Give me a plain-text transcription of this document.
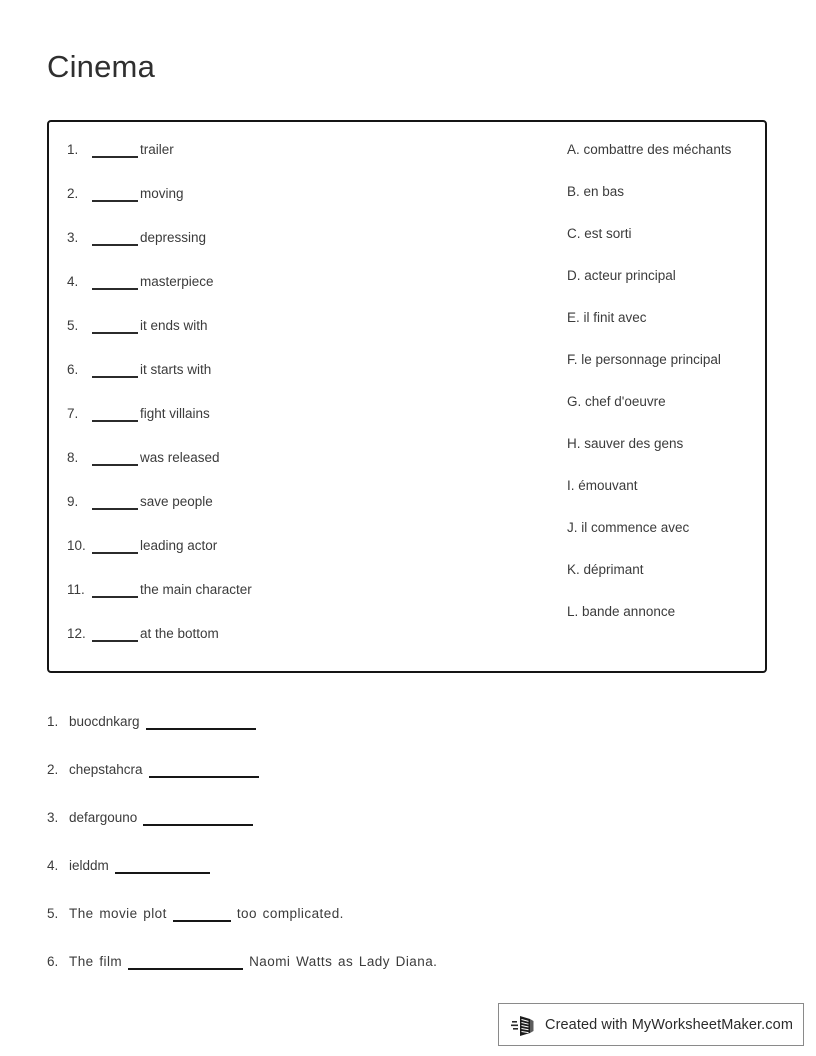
Cinema
1.	trailer
2.	moving
3.	depressing
4.	masterpiece
5.	it ends with
6.	it starts with
7.	fight villains
8.	was released
9.	save people
10.	leading actor
11.	the main character
12.	at the bottom
A. combattre des méchants
B. en bas
C. est sorti
D. acteur principal
E. il finit avec
F. le personnage principal
G. chef d'oeuvre
H. sauver des gens
I. émouvant
J. il commence avec
K. déprimant
L. bande annonce
1. buocdnkarg
2. chepstahcra
3. defargouno
4. ielddm
5. The movie plot	too complicated.
6. The film	Naomi Watts as Lady Diana.
Created with MyWorksheetMaker.com
